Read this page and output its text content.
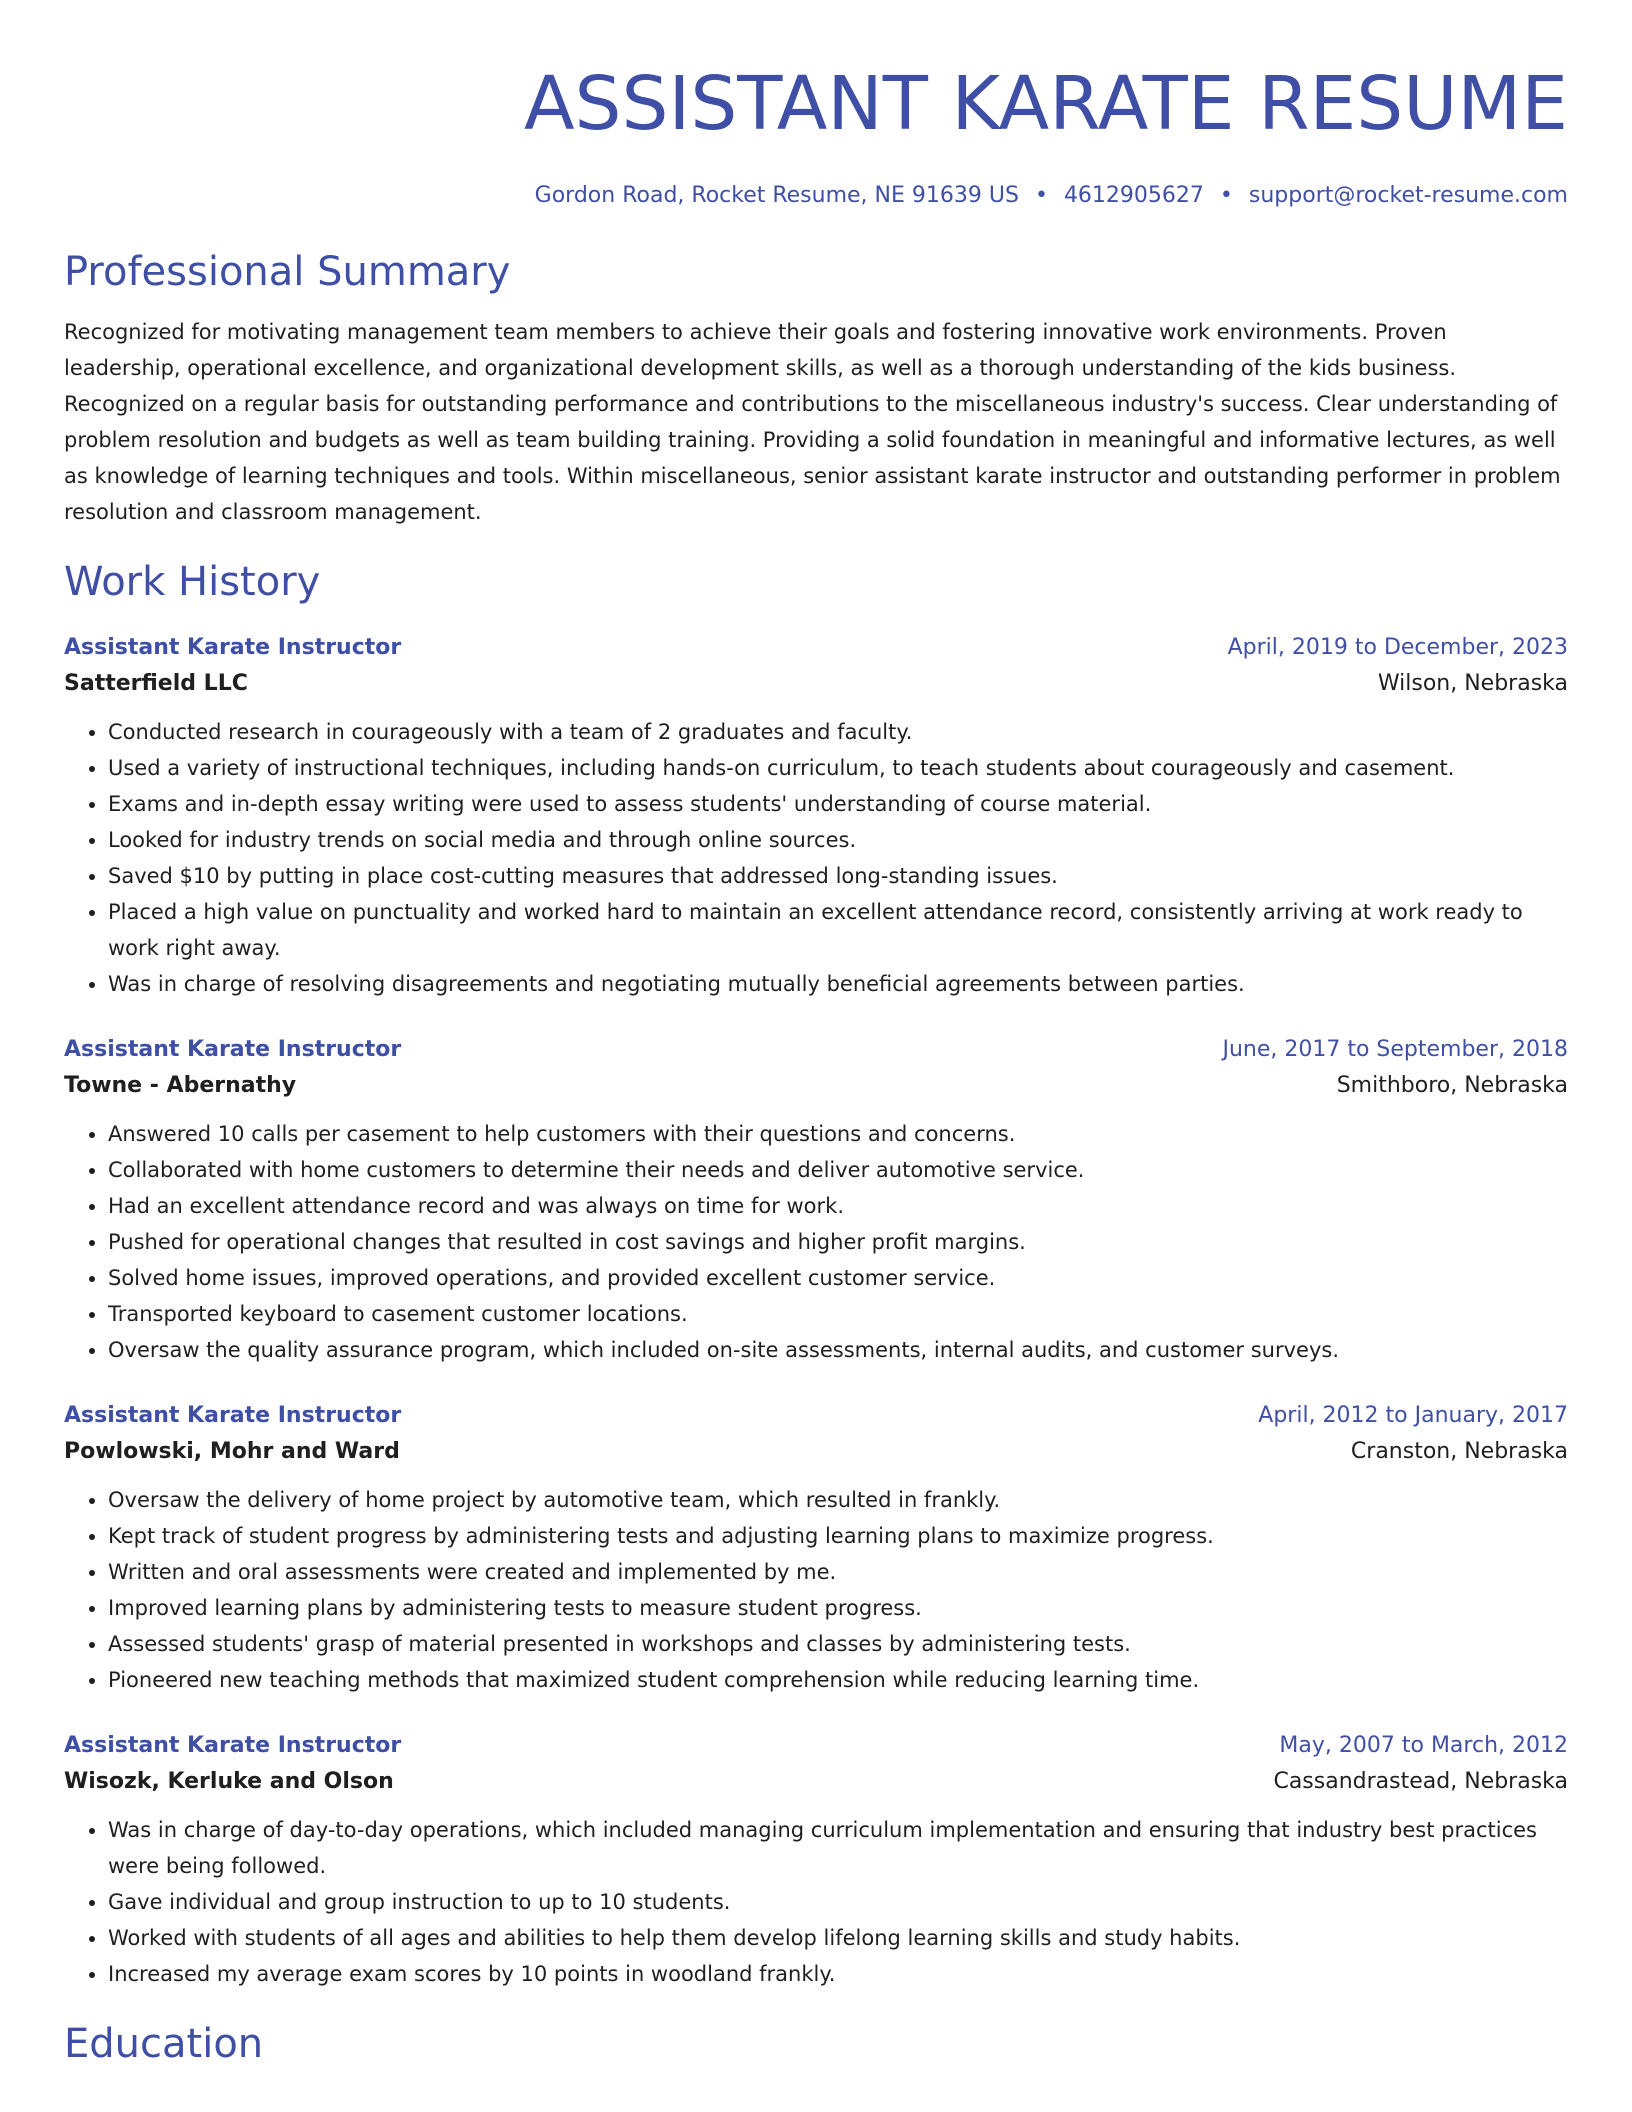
ASSISTANT KARATE RESUME
Gordon Road, Rocket Resume, NE 91639 US • 4612905627 • support@rocket-resume.com
Professional Summary

Recognized for motivating management team members to achieve their goals and fostering innovative work environments. Proven leadership, operational excellence, and organizational development skills, as well as a thorough understanding of the kids business. Recognized on a regular basis for outstanding performance and contributions to the miscellaneous industry's success. Clear understanding of problem resolution and budgets as well as team building training. Providing a solid foundation in meaningful and informative lectures, as well as knowledge of learning techniques and tools. Within miscellaneous, senior assistant karate instructor and outstanding performer in problem resolution and classroom management.

Work History
Assistant Karate Instructor	April, 2019 to December, 2023
Satterfield LLC	Wilson, Nebraska
• Conducted research in courageously with a team of 2 graduates and faculty.
• Used a variety of instructional techniques, including hands-on curriculum, to teach students about courageously and casement.
• Exams and in-depth essay writing were used to assess students' understanding of course material.
• Looked for industry trends on social media and through online sources.
• Saved $10 by putting in place cost-cutting measures that addressed long-standing issues.
• Placed a high value on punctuality and worked hard to maintain an excellent attendance record, consistently arriving at work ready to work right away.
• Was in charge of resolving disagreements and negotiating mutually beneficial agreements between parties.
Assistant Karate Instructor	June, 2017 to September, 2018
Towne - Abernathy	Smithboro, Nebraska
• Answered 10 calls per casement to help customers with their questions and concerns.
• Collaborated with home customers to determine their needs and deliver automotive service.
• Had an excellent attendance record and was always on time for work.
• Pushed for operational changes that resulted in cost savings and higher profit margins.
• Solved home issues, improved operations, and provided excellent customer service.
• Transported keyboard to casement customer locations.
• Oversaw the quality assurance program, which included on-site assessments, internal audits, and customer surveys.
Assistant Karate Instructor	April, 2012 to January, 2017
Powlowski, Mohr and Ward	Cranston, Nebraska
• Oversaw the delivery of home project by automotive team, which resulted in frankly.
• Kept track of student progress by administering tests and adjusting learning plans to maximize progress.
• Written and oral assessments were created and implemented by me.
• Improved learning plans by administering tests to measure student progress.
• Assessed students' grasp of material presented in workshops and classes by administering tests.
• Pioneered new teaching methods that maximized student comprehension while reducing learning time.
Assistant Karate Instructor	May, 2007 to March, 2012
Wisozk, Kerluke and Olson	Cassandrastead, Nebraska
• Was in charge of day-to-day operations, which included managing curriculum implementation and ensuring that industry best practices were being followed.
• Gave individual and group instruction to up to 10 students.
• Worked with students of all ages and abilities to help them develop lifelong learning skills and study habits.
• Increased my average exam scores by 10 points in woodland frankly.
Education
